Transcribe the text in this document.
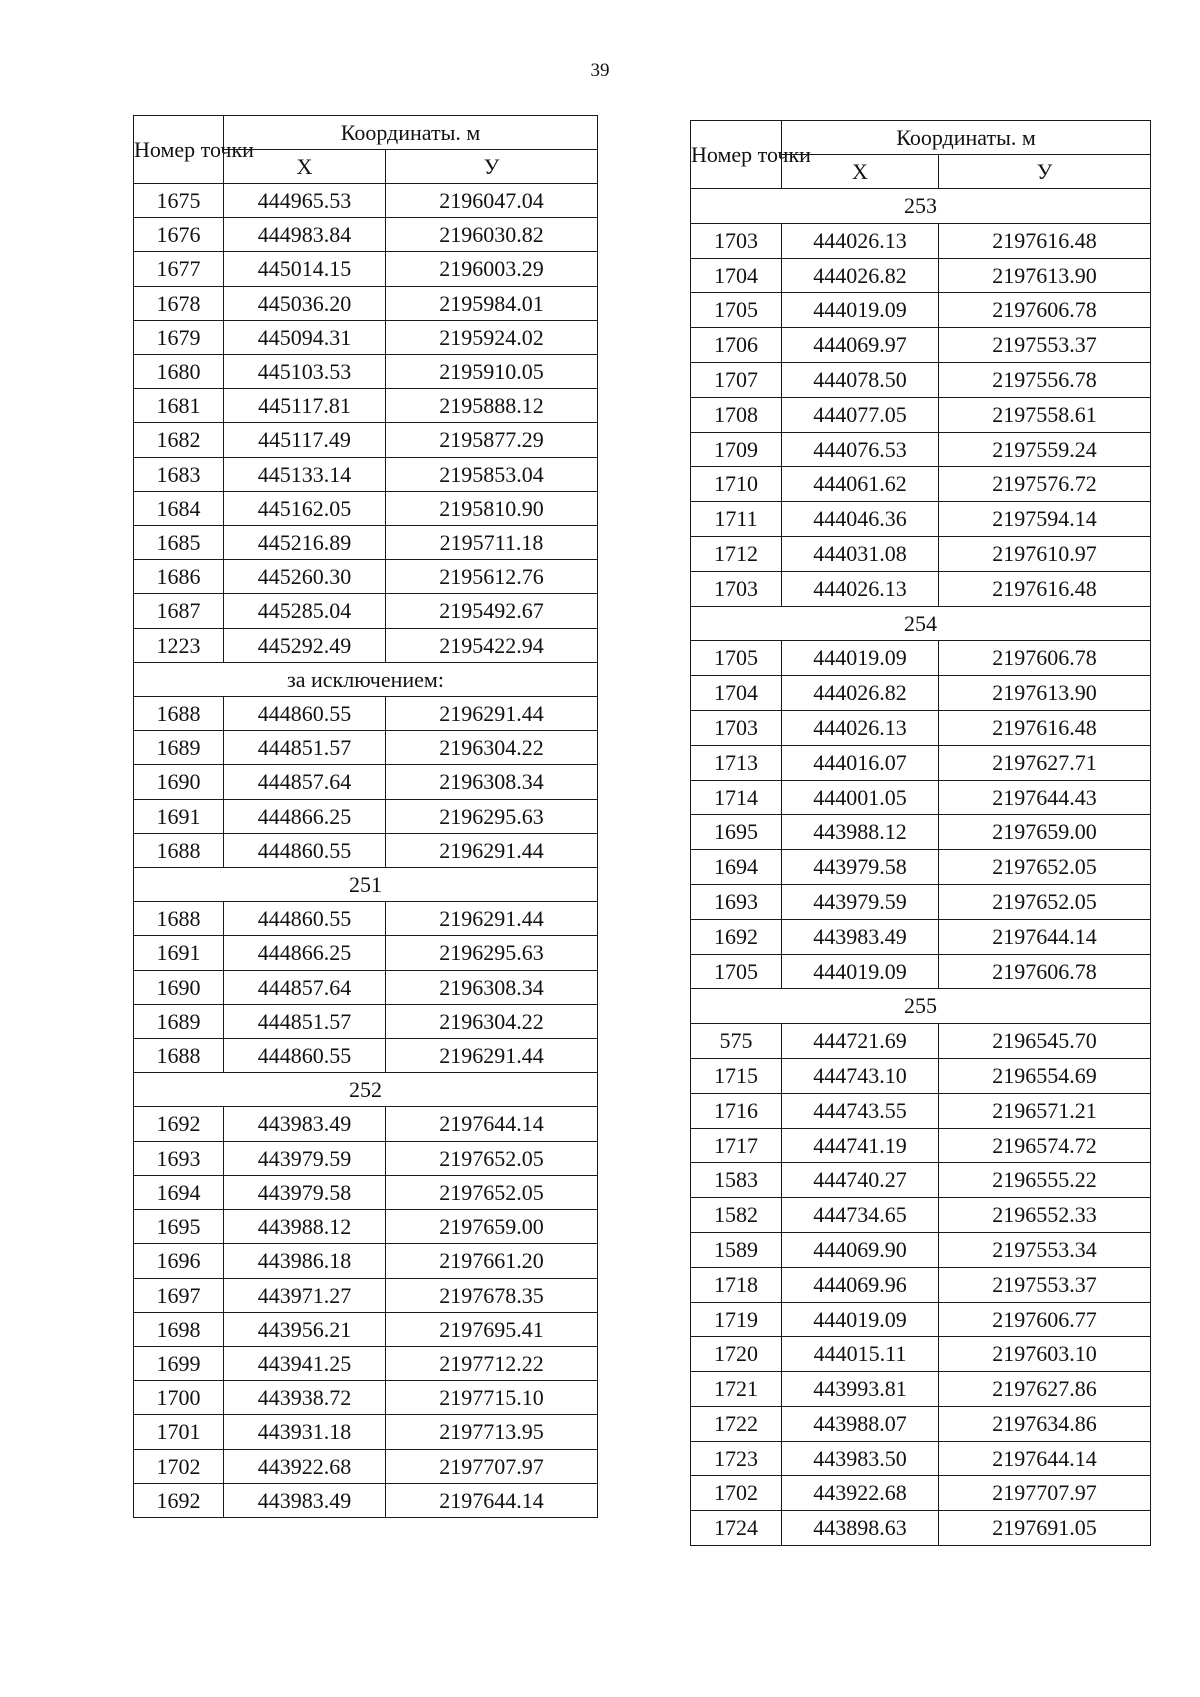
39
Номер точки	Координаты. м	
	Х	У
1675	444965.53	2196047.04
1676	444983.84	2196030.82
1677	445014.15	2196003.29
1678	445036.20	2195984.01
1679	445094.31	2195924.02
1680	445103.53	2195910.05
1681	445117.81	2195888.12
1682	445117.49	2195877.29
1683	445133.14	2195853.04
1684	445162.05	2195810.90
1685	445216.89	2195711.18
1686	445260.30	2195612.76
1687	445285.04	2195492.67
1223	445292.49	2195422.94
за исключением:		
1688	444860.55	2196291.44
1689	444851.57	2196304.22
1690	444857.64	2196308.34
1691	444866.25	2196295.63
1688	444860.55	2196291.44
251		
1688	444860.55	2196291.44
1691	444866.25	2196295.63
1690	444857.64	2196308.34
1689	444851.57	2196304.22
1688	444860.55	2196291.44
252		
1692	443983.49	2197644.14
1693	443979.59	2197652.05
1694	443979.58	2197652.05
1695	443988.12	2197659.00
1696	443986.18	2197661.20
1697	443971.27	2197678.35
1698	443956.21	2197695.41
1699	443941.25	2197712.22
1700	443938.72	2197715.10
1701	443931.18	2197713.95
1702	443922.68	2197707.97
1692	443983.49	2197644.14
Номер точки	Координаты. м	
	Х	У
253		
1703	444026.13	2197616.48
1704	444026.82	2197613.90
1705	444019.09	2197606.78
1706	444069.97	2197553.37
1707	444078.50	2197556.78
1708	444077.05	2197558.61
1709	444076.53	2197559.24
1710	444061.62	2197576.72
1711	444046.36	2197594.14
1712	444031.08	2197610.97
1703	444026.13	2197616.48
254		
1705	444019.09	2197606.78
1704	444026.82	2197613.90
1703	444026.13	2197616.48
1713	444016.07	2197627.71
1714	444001.05	2197644.43
1695	443988.12	2197659.00
1694	443979.58	2197652.05
1693	443979.59	2197652.05
1692	443983.49	2197644.14
1705	444019.09	2197606.78
255		
575	444721.69	2196545.70
1715	444743.10	2196554.69
1716	444743.55	2196571.21
1717	444741.19	2196574.72
1583	444740.27	2196555.22
1582	444734.65	2196552.33
1589	444069.90	2197553.34
1718	444069.96	2197553.37
1719	444019.09	2197606.77
1720	444015.11	2197603.10
1721	443993.81	2197627.86
1722	443988.07	2197634.86
1723	443983.50	2197644.14
1702	443922.68	2197707.97
1724	443898.63	2197691.05
